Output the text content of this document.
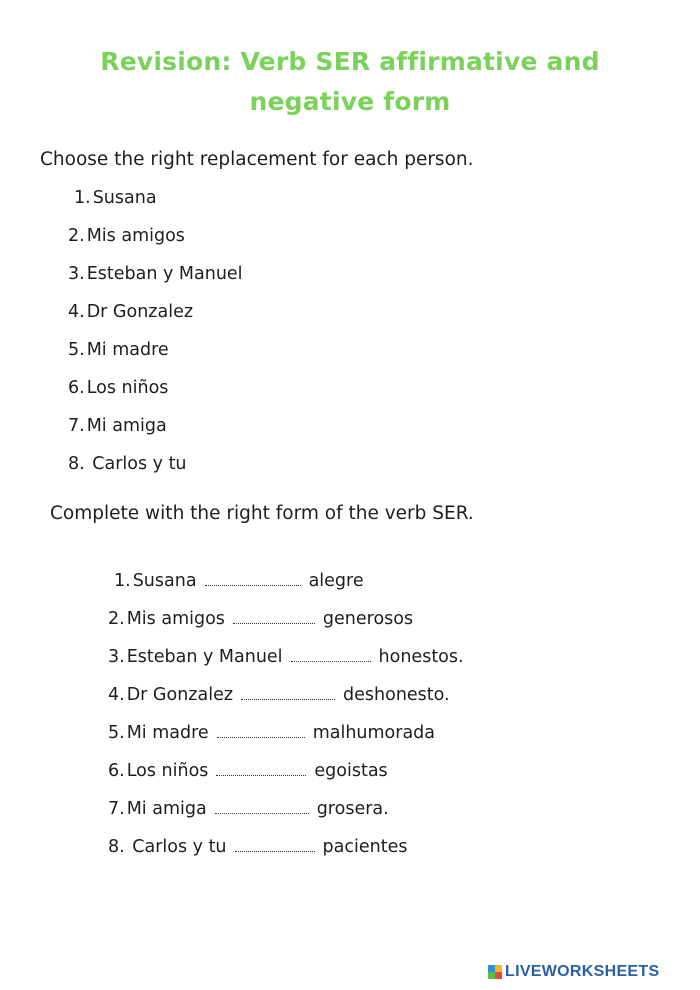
Revision: Verb SER affirmative and
negative form
Choose the right replacement for each person.
1. Susana
2. Mis amigos
3. Esteban y Manuel
4. Dr Gonzalez
5. Mi madre
6. Los niños
7. Mi amiga
8. Carlos y tu
Complete with the right form of the verb SER.
1. Susana	alegre
2. Mis amigos	generosos
3. Esteban y Manuel	honestos.
4. Dr Gonzalez	deshonesto.
5. Mi madre	malhumorada
6. Los niños	egoistas
7. Mi amiga	grosera.
8. Carlos y tu	pacientes
LIVEWORKSHEETS
